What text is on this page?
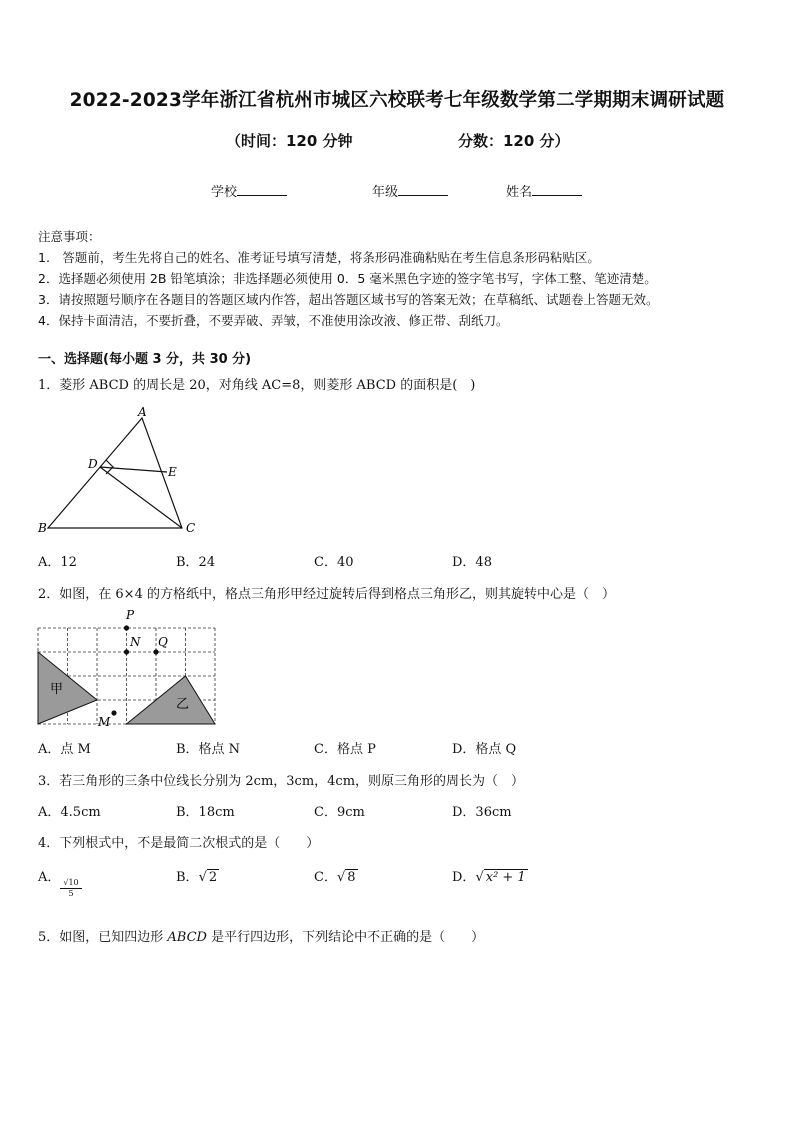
2022-2023学年浙江省杭州市城区六校联考七年级数学第二学期期末调研试题
（时间：120 分钟	分数：120 分）
学校	年级	姓名
注意事项：
1.　答题前，考生先将自己的姓名、准考证号填写清楚，将条形码准确粘贴在考生信息条形码粘贴区。
2．选择题必须使用 2B 铅笔填涂；非选择题必须使用 0．5 毫米黑色字迹的签字笔书写，字体工整、笔迹清楚。
3．请按照题号顺序在各题目的答题区域内作答，超出答题区域书写的答案无效；在草稿纸、试题卷上答题无效。
4．保持卡面清洁，不要折叠，不要弄破、弄皱，不准使用涂改液、修正带、刮纸刀。
一、选择题(每小题 3 分，共 30 分)
1．菱形 ABCD 的周长是 20，对角线 AC=8，则菱形 ABCD 的面积是(　)
A
B	C
D
E
A．12	B．24	C．40	D．48
2．如图，在 6×4 的方格纸中，格点三角形甲经过旋转后得到格点三角形乙，则其旋转中心是（　）
甲
乙
P
N Q
M
A．点 M	B．格点 N	C．格点 P	D．格点 Q
3．若三角形的三条中位线长分别为 2cm，3cm，4cm，则原三角形的周长为（　）
A．4.5cm	B．18cm	C．9cm	D．36cm
4．下列根式中，不是最简二次根式的是（　　）
A．
$\frac{√10}{5}$
B．√ 2	C．√ 8	D．√ x² + 1
5．如图，已知四边形 ABCD 是平行四边形，下列结论中不正确的是（　　）
